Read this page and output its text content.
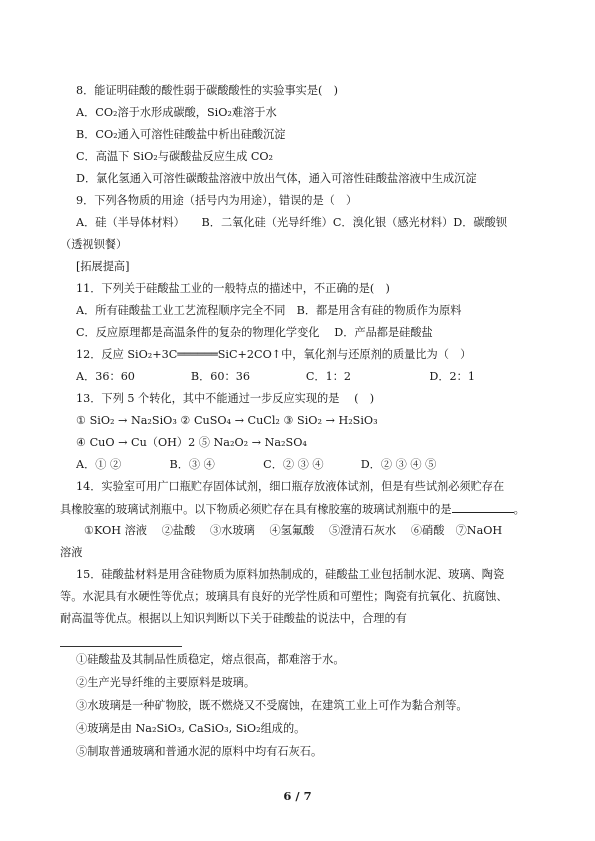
8．能证明硅酸的酸性弱于碳酸酸性的实验事实是(　)
A．CO₂溶于水形成碳酸，SiO₂难溶于水
B．CO₂通入可溶性硅酸盐中析出硅酸沉淀
C．高温下 SiO₂与碳酸盐反应生成 CO₂
D．氯化氢通入可溶性碳酸盐溶液中放出气体，通入可溶性硅酸盐溶液中生成沉淀
9．下列各物质的用途（括号内为用途），错误的是（　）
A．硅（半导体材料）　　B．二氧化硅（光导纤维）C．溴化银（感光材料）D．碳酸钡
（透视钡餐）
[拓展提高]
11．下列关于硅酸盐工业的一般特点的描述中，不正确的是(　)
A．所有硅酸盐工业工艺流程顺序完全不同　B．都是用含有硅的物质作为原料
C．反应原理都是高温条件的复杂的物理化学变化　 D．产品都是硅酸盐
12．反应 SiO₂+3C══════SiC+2CO↑中，氧化剂与还原剂的质量比为（　）
A．36：60　　　　　B．60：36　　　　　C．1：2　　　　　　　D．2：1
13．下列 5 个转化，其中不能通过一步反应实现的是　 (　)
① SiO₂ → Na₂SiO₃ ② CuSO₄ → CuCl₂ ③ SiO₂ → H₂SiO₃
④ CuO → Cu（OH）2 ⑤ Na₂O₂ → Na₂SO₄
A．① ②　　　　 B．③ ④　　　　 C．② ③ ④　　　 D．② ③ ④ ⑤
14．实验室可用广口瓶贮存固体试剂，细口瓶存放液体试剂，但是有些试剂必须贮存在
具橡胶塞的玻璃试剂瓶中。以下物质必须贮存在具有橡胶塞的玻璃试剂瓶中的是	。
①KOH 溶液　 ②盐酸　 ③水玻璃　 ④氢氟酸　 ⑤澄清石灰水　 ⑥硝酸　⑦NaOH
溶液
15．硅酸盐材料是用含硅物质为原料加热制成的，硅酸盐工业包括制水泥、玻璃、陶瓷
等。水泥具有水硬性等优点；玻璃具有良好的光学性质和可塑性；陶瓷有抗氧化、抗腐蚀、
耐高温等优点。根据以上知识判断以下关于硅酸盐的说法中，合理的有
①硅酸盐及其制品性质稳定，熔点很高，都难溶于水。
②生产光导纤维的主要原料是玻璃。
③水玻璃是一种矿物胶，既不燃烧又不受腐蚀，在建筑工业上可作为黏合剂等。
④玻璃是由 Na₂SiO₃, CaSiO₃, SiO₂组成的。
⑤制取普通玻璃和普通水泥的原料中均有石灰石。
6 / 7
